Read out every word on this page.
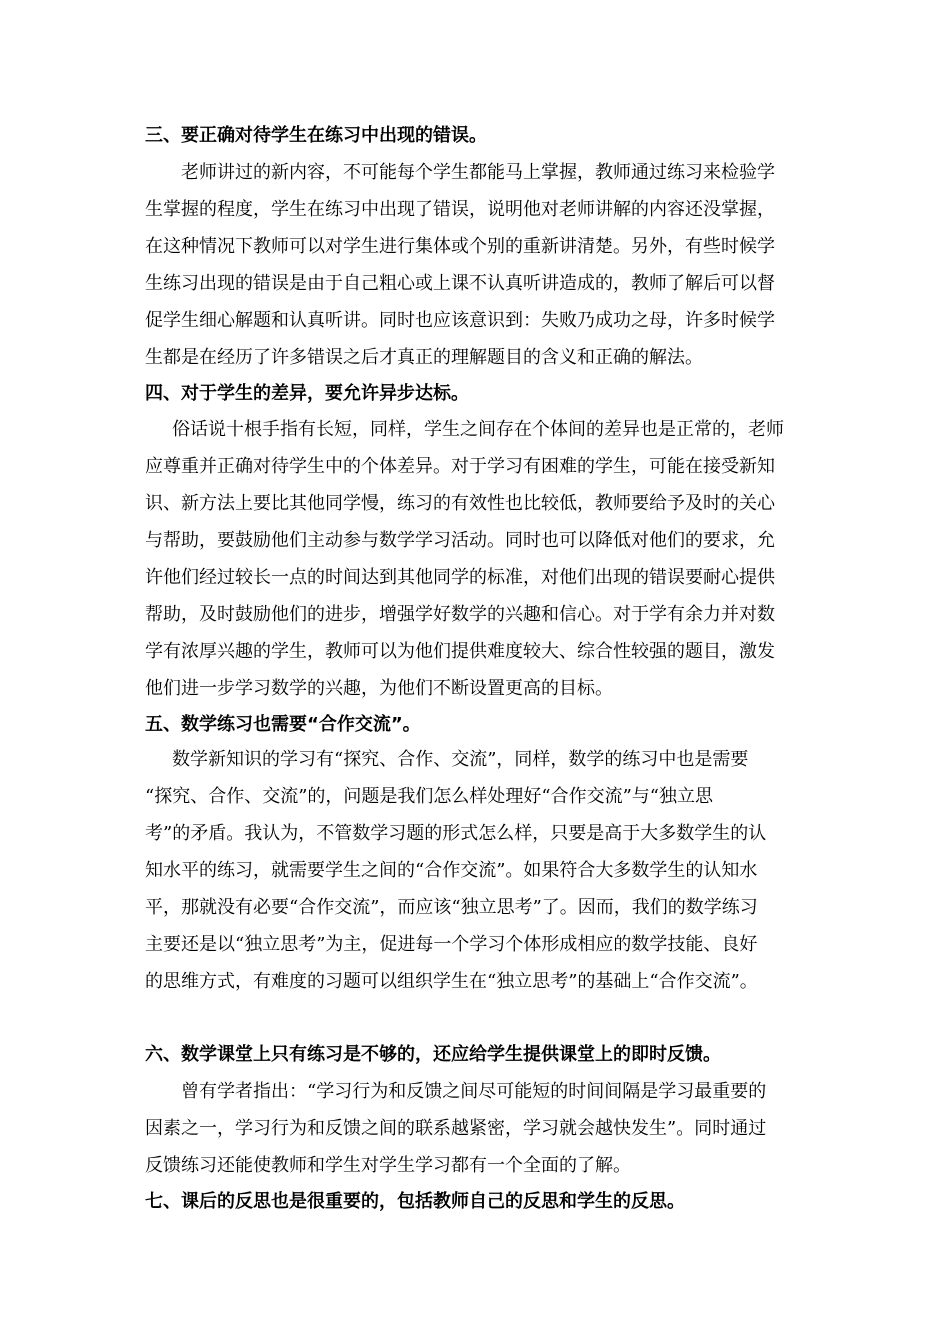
三、要正确对待学生在练习中出现的错误。
老师讲过的新内容，不可能每个学生都能马上掌握，教师通过练习来检验学
生掌握的程度，学生在练习中出现了错误，说明他对老师讲解的内容还没掌握，
在这种情况下教师可以对学生进行集体或个别的重新讲清楚。另外，有些时候学
生练习出现的错误是由于自己粗心或上课不认真听讲造成的，教师了解后可以督
促学生细心解题和认真听讲。同时也应该意识到：失败乃成功之母，许多时候学
生都是在经历了许多错误之后才真正的理解题目的含义和正确的解法。
四、对于学生的差异，要允许异步达标。
俗话说十根手指有长短，同样，学生之间存在个体间的差异也是正常的，老师
应尊重并正确对待学生中的个体差异。对于学习有困难的学生，可能在接受新知
识、新方法上要比其他同学慢，练习的有效性也比较低，教师要给予及时的关心
与帮助，要鼓励他们主动参与数学学习活动。同时也可以降低对他们的要求，允
许他们经过较长一点的时间达到其他同学的标准，对他们出现的错误要耐心提供
帮助，及时鼓励他们的进步，增强学好数学的兴趣和信心。对于学有余力并对数
学有浓厚兴趣的学生，教师可以为他们提供难度较大、综合性较强的题目，激发
他们进一步学习数学的兴趣，为他们不断设置更高的目标。
五、数学练习也需要“合作交流”。
数学新知识的学习有“探究、合作、交流”，同样，数学的练习中也是需要
“探究、合作、交流”的，问题是我们怎么样处理好“合作交流”与“独立思
考”的矛盾。我认为，不管数学习题的形式怎么样，只要是高于大多数学生的认
知水平的练习，就需要学生之间的“合作交流”。如果符合大多数学生的认知水
平，那就没有必要“合作交流”，而应该“独立思考”了。因而，我们的数学练习
主要还是以“独立思考”为主，促进每一个学习个体形成相应的数学技能、良好
的思维方式，有难度的习题可以组织学生在“独立思考”的基础上“合作交流”。
六、数学课堂上只有练习是不够的，还应给学生提供课堂上的即时反馈。
曾有学者指出：“学习行为和反馈之间尽可能短的时间间隔是学习最重要的
因素之一，学习行为和反馈之间的联系越紧密，学习就会越快发生”。同时通过
反馈练习还能使教师和学生对学生学习都有一个全面的了解。
七、课后的反思也是很重要的，包括教师自己的反思和学生的反思。
